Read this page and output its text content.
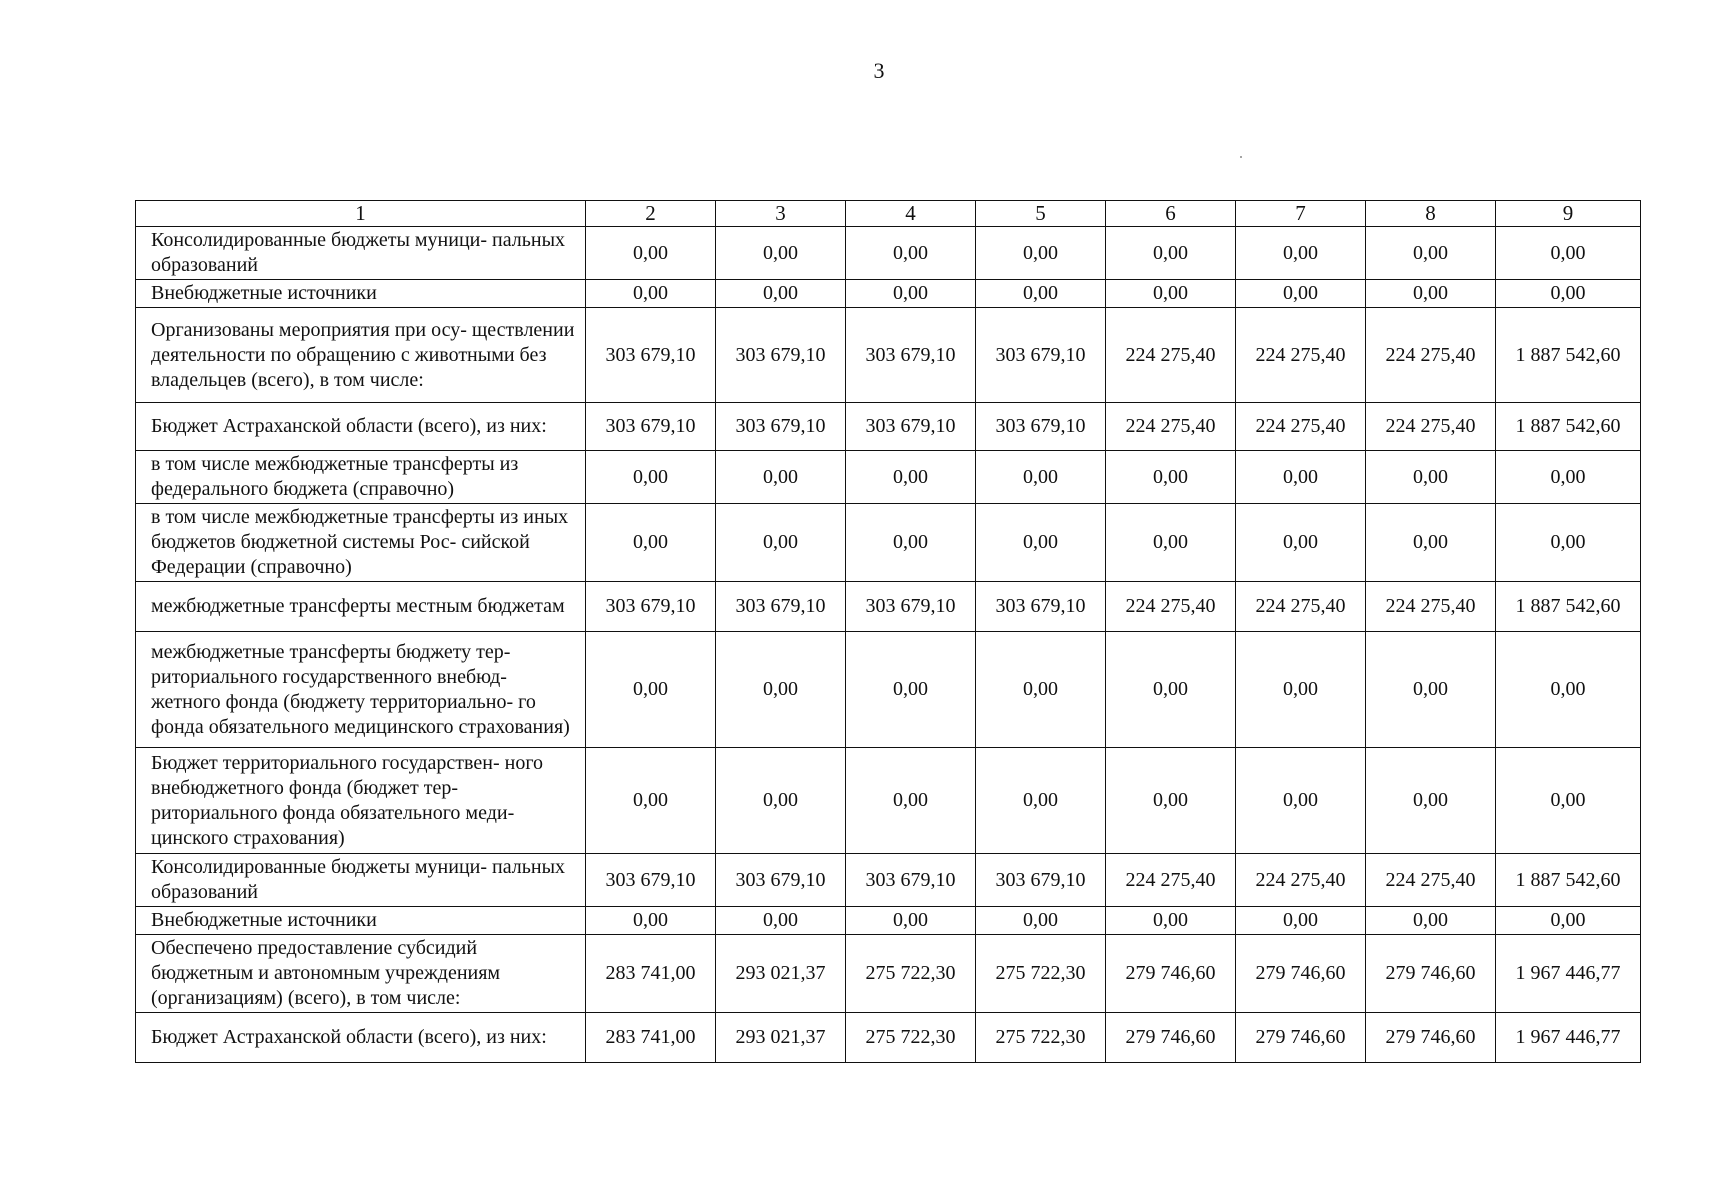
3
1	2	3	4	5	6	7	8	9
Консолидированные бюджеты муници- пальных образований	0,00	0,00	0,00	0,00	0,00	0,00	0,00	0,00
Внебюджетные источники	0,00	0,00	0,00	0,00	0,00	0,00	0,00	0,00
Организованы мероприятия при осу- ществлении деятельности по обращению с животными без владельцев (всего), в том числе:	303 679,10	303 679,10	303 679,10	303 679,10	224 275,40	224 275,40	224 275,40	1 887 542,60
Бюджет Астраханской области (всего), из них:	303 679,10	303 679,10	303 679,10	303 679,10	224 275,40	224 275,40	224 275,40	1 887 542,60
в том числе межбюджетные трансферты из федерального бюджета (справочно)	0,00	0,00	0,00	0,00	0,00	0,00	0,00	0,00
в том числе межбюджетные трансферты из иных бюджетов бюджетной системы Рос- сийской Федерации (справочно)	0,00	0,00	0,00	0,00	0,00	0,00	0,00	0,00
межбюджетные трансферты местным бюджетам	303 679,10	303 679,10	303 679,10	303 679,10	224 275,40	224 275,40	224 275,40	1 887 542,60
межбюджетные трансферты бюджету тер- риториального государственного внебюд- жетного фонда (бюджету территориально- го фонда обязательного медицинского страхования)	0,00	0,00	0,00	0,00	0,00	0,00	0,00	0,00
Бюджет территориального государствен- ного внебюджетного фонда (бюджет тер- риториального фонда обязательного меди- цинского страхования)	0,00	0,00	0,00	0,00	0,00	0,00	0,00	0,00
Консолидированные бюджеты муници- пальных образований	303 679,10	303 679,10	303 679,10	303 679,10	224 275,40	224 275,40	224 275,40	1 887 542,60
Внебюджетные источники	0,00	0,00	0,00	0,00	0,00	0,00	0,00	0,00
Обеспечено предоставление субсидий бюджетным и автономным учреждениям (организациям) (всего), в том числе:	283 741,00	293 021,37	275 722,30	275 722,30	279 746,60	279 746,60	279 746,60	1 967 446,77
Бюджет Астраханской области (всего), из них:	283 741,00	293 021,37	275 722,30	275 722,30	279 746,60	279 746,60	279 746,60	1 967 446,77
